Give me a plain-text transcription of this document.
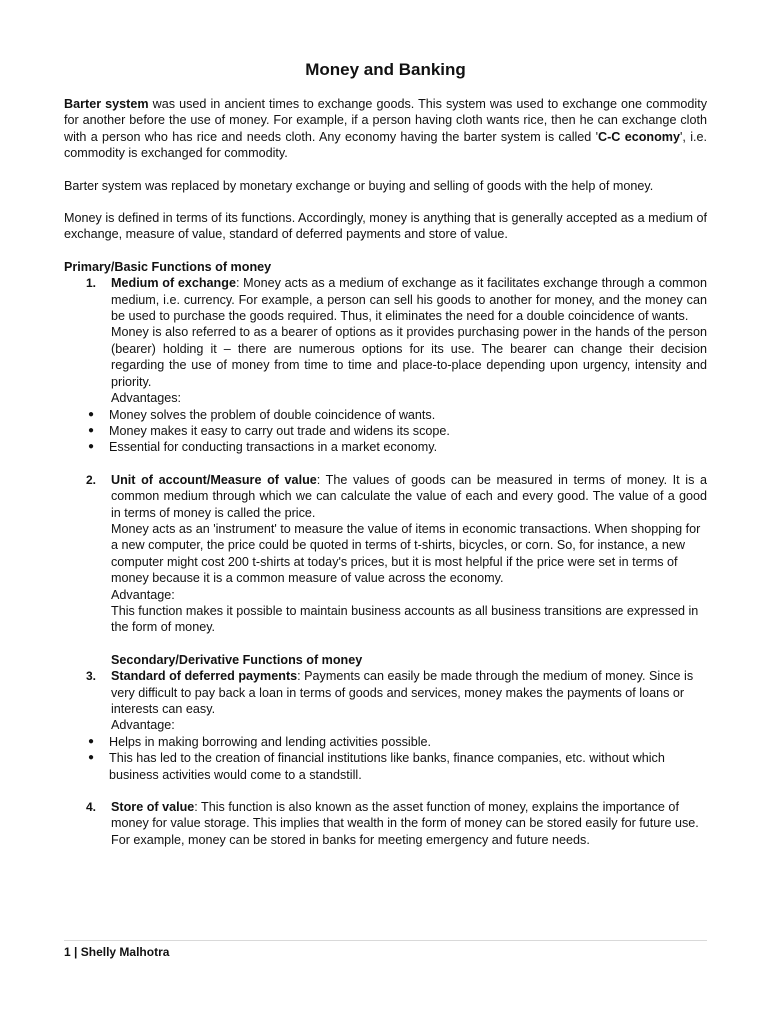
Money and Banking

Barter system was used in ancient times to exchange goods. This system was used to exchange one commodity for another before the use of money. For example, if a person having cloth wants rice, then he can exchange cloth with a person who has rice and needs cloth. Any economy having the barter system is called 'C-C economy', i.e. commodity is exchanged for commodity.

Barter system was replaced by monetary exchange or buying and selling of goods with the help of money.

Money is defined in terms of its functions. Accordingly, money is anything that is generally accepted as a medium of exchange, measure of value, standard of deferred payments and store of value.

Primary/Basic Functions of money
1. Medium of exchange: Money acts as a medium of exchange as it facilitates exchange through a common medium, i.e. currency. For example, a person can sell his goods to another for money, and the money can be used to purchase the goods required. Thus, it eliminates the need for a double coincidence of wants.

Money is also referred to as a bearer of options as it provides purchasing power in the hands of the person (bearer) holding it – there are numerous options for its use. The bearer can change their decision regarding the use of money from time to time and place-to-place depending upon urgency, intensity and priority.

Advantages:
● Money solves the problem of double coincidence of wants.
● Money makes it easy to carry out trade and widens its scope.
● Essential for conducting transactions in a market economy.
2. Unit of account/Measure of value: The values of goods can be measured in terms of money. It is a common medium through which we can calculate the value of each and every good. The value of a good in terms of money is called the price.

Money acts as an 'instrument' to measure the value of items in economic transactions. When shopping for a new computer, the price could be quoted in terms of t-shirts, bicycles, or corn. So, for instance, a new computer might cost 200 t-shirts at today's prices, but it is most helpful if the price were set in terms of money because it is a common measure of value across the economy.

Advantage:

This function makes it possible to maintain business accounts as all business transitions are expressed in the form of money.

Secondary/Derivative Functions of money
3. Standard of deferred payments: Payments can easily be made through the medium of money. Since is very difficult to pay back a loan in terms of goods and services, money makes the payments of loans or interests can easy.

Advantage:
● Helps in making borrowing and lending activities possible.
● This has led to the creation of financial institutions like banks, finance companies, etc. without which business activities would come to a standstill.
4. Store of value: This function is also known as the asset function of money, explains the importance of money for value storage. This implies that wealth in the form of money can be stored easily for future use. For example, money can be stored in banks for meeting emergency and future needs.

1 | Shelly Malhotra
